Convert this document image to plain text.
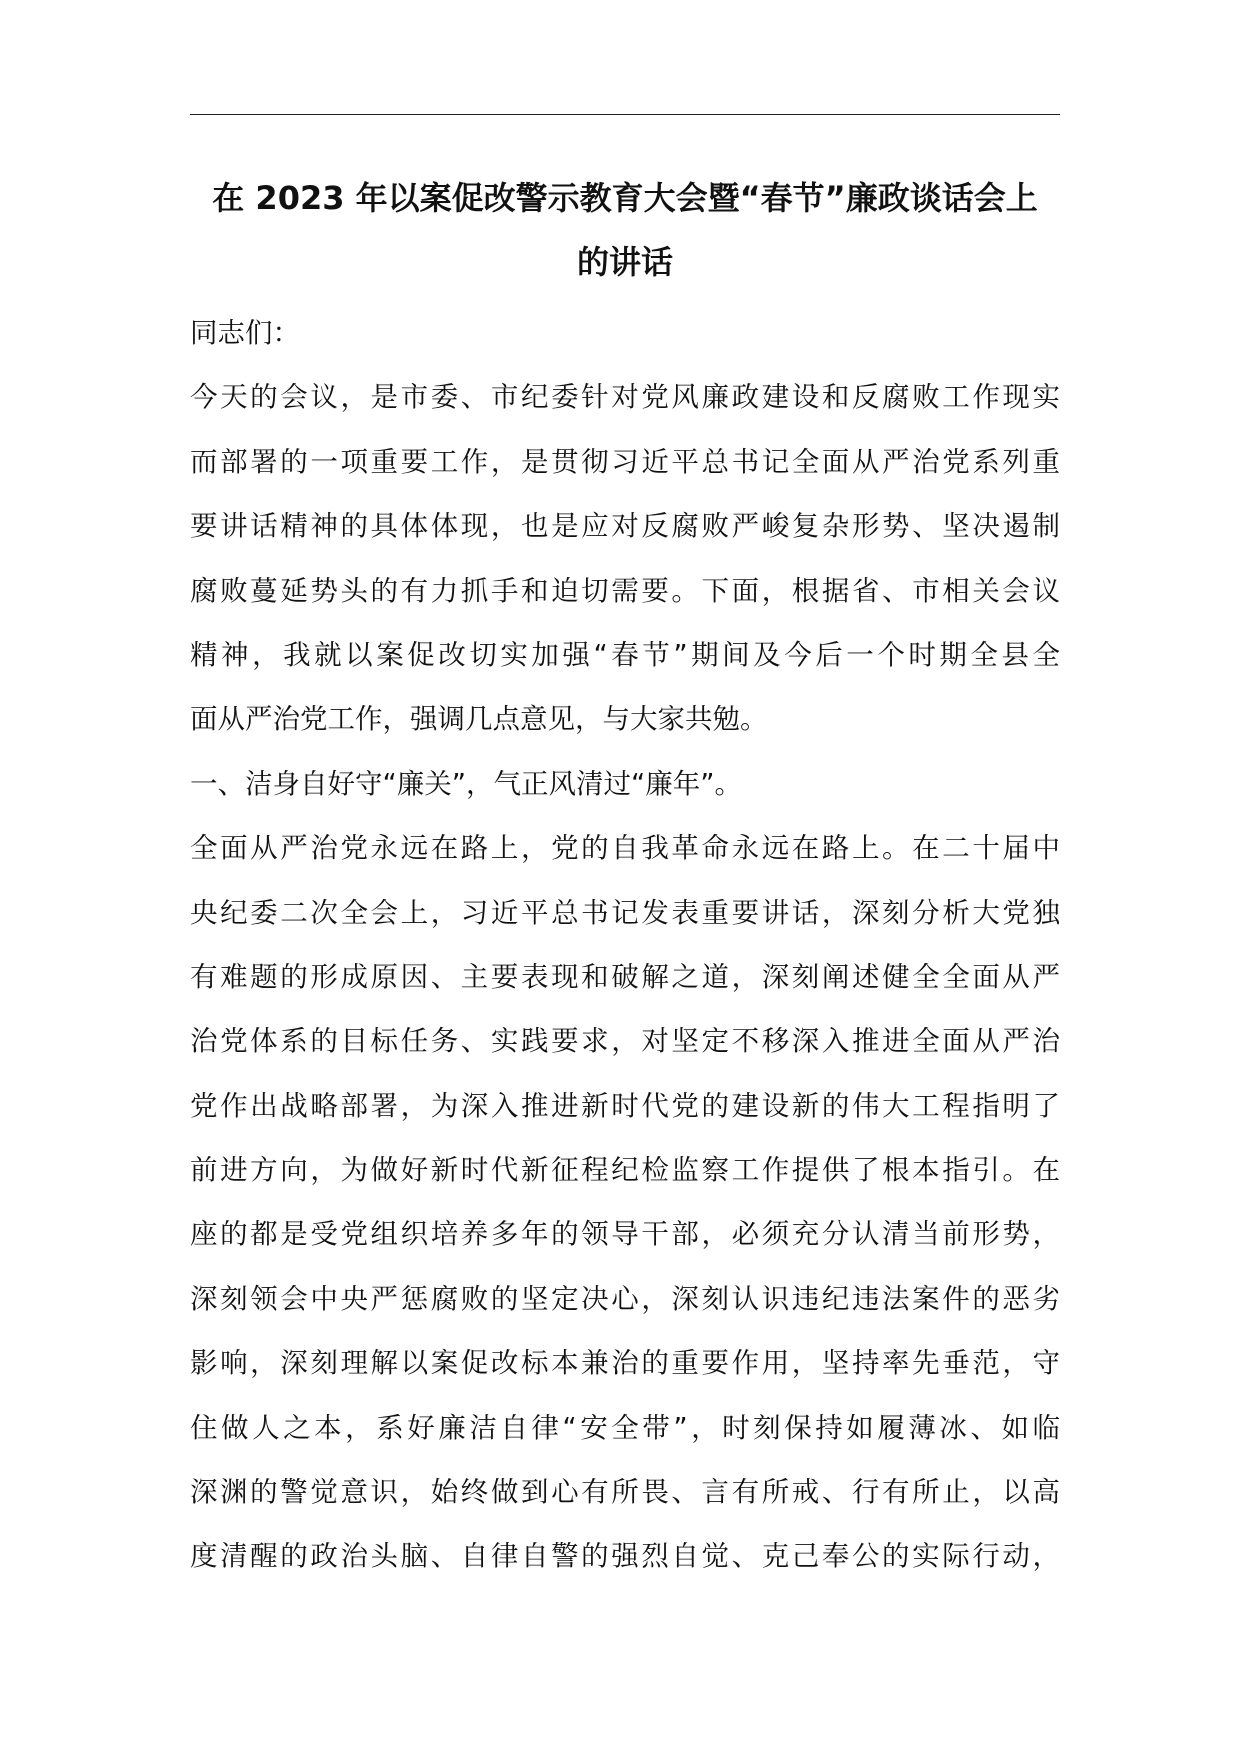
在 2023 年以案促改警示教育大会暨“春节”廉政谈话会上
的讲话
同志们：
今天的会议，是市委、市纪委针对党风廉政建设和反腐败工作现实
而部署的一项重要工作，是贯彻习近平总书记全面从严治党系列重
要讲话精神的具体体现，也是应对反腐败严峻复杂形势、坚决遏制
腐败蔓延势头的有力抓手和迫切需要。下面，根据省、市相关会议
精神，我就以案促改切实加强“春节”期间及今后一个时期全县全
面从严治党工作，强调几点意见，与大家共勉。
一、洁身自好守“廉关”，气正风清过“廉年”。
全面从严治党永远在路上，党的自我革命永远在路上。在二十届中
央纪委二次全会上，习近平总书记发表重要讲话，深刻分析大党独
有难题的形成原因、主要表现和破解之道，深刻阐述健全全面从严
治党体系的目标任务、实践要求，对坚定不移深入推进全面从严治
党作出战略部署，为深入推进新时代党的建设新的伟大工程指明了
前进方向，为做好新时代新征程纪检监察工作提供了根本指引。在
座的都是受党组织培养多年的领导干部，必须充分认清当前形势，
深刻领会中央严惩腐败的坚定决心，深刻认识违纪违法案件的恶劣
影响，深刻理解以案促改标本兼治的重要作用，坚持率先垂范，守
住做人之本，系好廉洁自律“安全带”，时刻保持如履薄冰、如临
深渊的警觉意识，始终做到心有所畏、言有所戒、行有所止，以高
度清醒的政治头脑、自律自警的强烈自觉、克己奉公的实际行动，
